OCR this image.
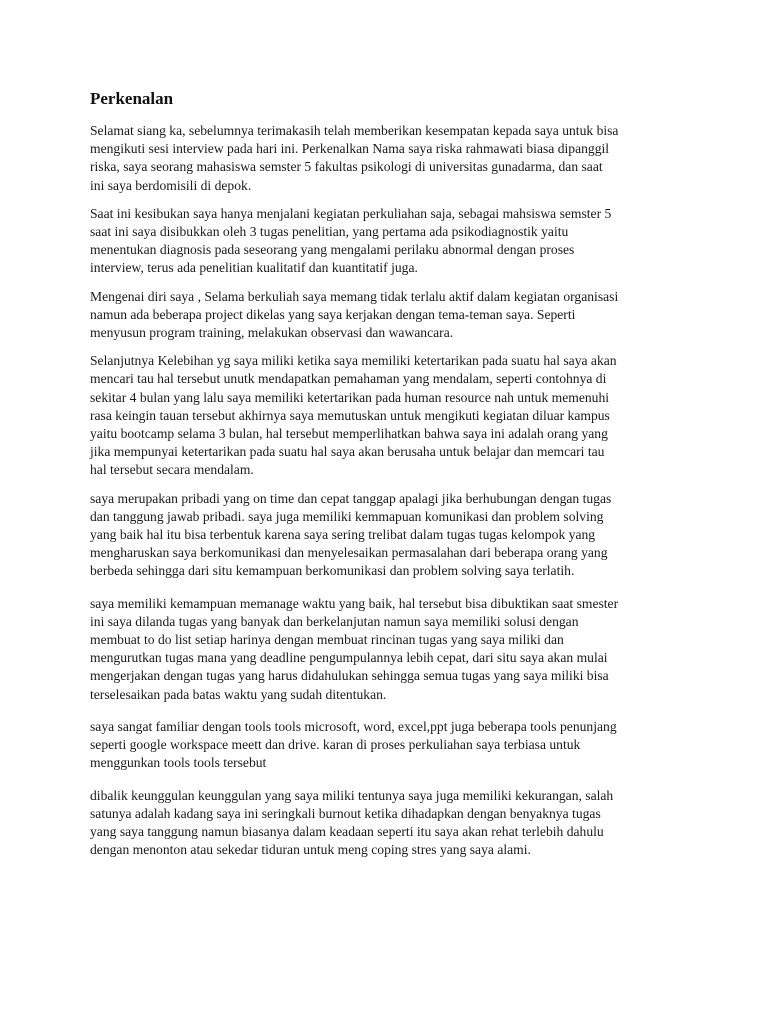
Perkenalan
Selamat siang ka, sebelumnya terimakasih telah memberikan kesempatan kepada saya untuk bisa
mengikuti sesi interview pada hari ini. Perkenalkan Nama saya riska rahmawati biasa dipanggil
riska, saya seorang mahasiswa semster 5 fakultas psikologi di universitas gunadarma, dan saat
ini saya berdomisili di depok.
Saat ini kesibukan saya hanya menjalani kegiatan perkuliahan saja, sebagai mahsiswa semster 5
saat ini saya disibukkan oleh 3 tugas penelitian, yang pertama ada psikodiagnostik yaitu
menentukan diagnosis pada seseorang yang mengalami perilaku abnormal dengan proses
interview, terus ada penelitian kualitatif dan kuantitatif juga.
Mengenai diri saya , Selama berkuliah saya memang tidak terlalu aktif dalam kegiatan organisasi
namun ada beberapa project dikelas yang saya kerjakan dengan tema-teman saya. Seperti
menyusun program training, melakukan observasi dan wawancara.
Selanjutnya Kelebihan yg saya miliki ketika saya memiliki ketertarikan pada suatu hal saya akan
mencari tau hal tersebut unutk mendapatkan pemahaman yang mendalam, seperti contohnya di
sekitar 4 bulan yang lalu saya memiliki ketertarikan pada human resource nah untuk memenuhi
rasa keingin tauan tersebut akhirnya saya memutuskan untuk mengikuti kegiatan diluar kampus
yaitu bootcamp selama 3 bulan, hal tersebut memperlihatkan bahwa saya ini adalah orang yang
jika mempunyai ketertarikan pada suatu hal saya akan berusaha untuk belajar dan memcari tau
hal tersebut secara mendalam.
saya merupakan pribadi yang on time dan cepat tanggap apalagi jika berhubungan dengan tugas
dan tanggung jawab pribadi. saya juga memiliki kemmapuan komunikasi dan problem solving
yang baik hal itu bisa terbentuk karena saya sering trelibat dalam tugas tugas kelompok yang
mengharuskan saya berkomunikasi dan menyelesaikan permasalahan dari beberapa orang yang
berbeda sehingga dari situ kemampuan berkomunikasi dan problem solving saya terlatih.
saya memiliki kemampuan memanage waktu yang baik, hal tersebut bisa dibuktikan saat smester
ini saya dilanda tugas yang banyak dan berkelanjutan namun saya memiliki solusi dengan
membuat to do list setiap harinya dengan membuat rincinan tugas yang saya miliki dan
mengurutkan tugas mana yang deadline pengumpulannya lebih cepat, dari situ saya akan mulai
mengerjakan dengan tugas yang harus didahulukan sehingga semua tugas yang saya miliki bisa
terselesaikan pada batas waktu yang sudah ditentukan.
saya sangat familiar dengan tools tools microsoft, word, excel,ppt juga beberapa tools penunjang
seperti google workspace meett dan drive. karan di proses perkuliahan saya terbiasa untuk
menggunkan tools tools tersebut
dibalik keunggulan keunggulan yang saya miliki tentunya saya juga memiliki kekurangan, salah
satunya adalah kadang saya ini seringkali burnout ketika dihadapkan dengan benyaknya tugas
yang saya tanggung namun biasanya dalam keadaan seperti itu saya akan rehat terlebih dahulu
dengan menonton atau sekedar tiduran untuk meng coping stres yang saya alami.
